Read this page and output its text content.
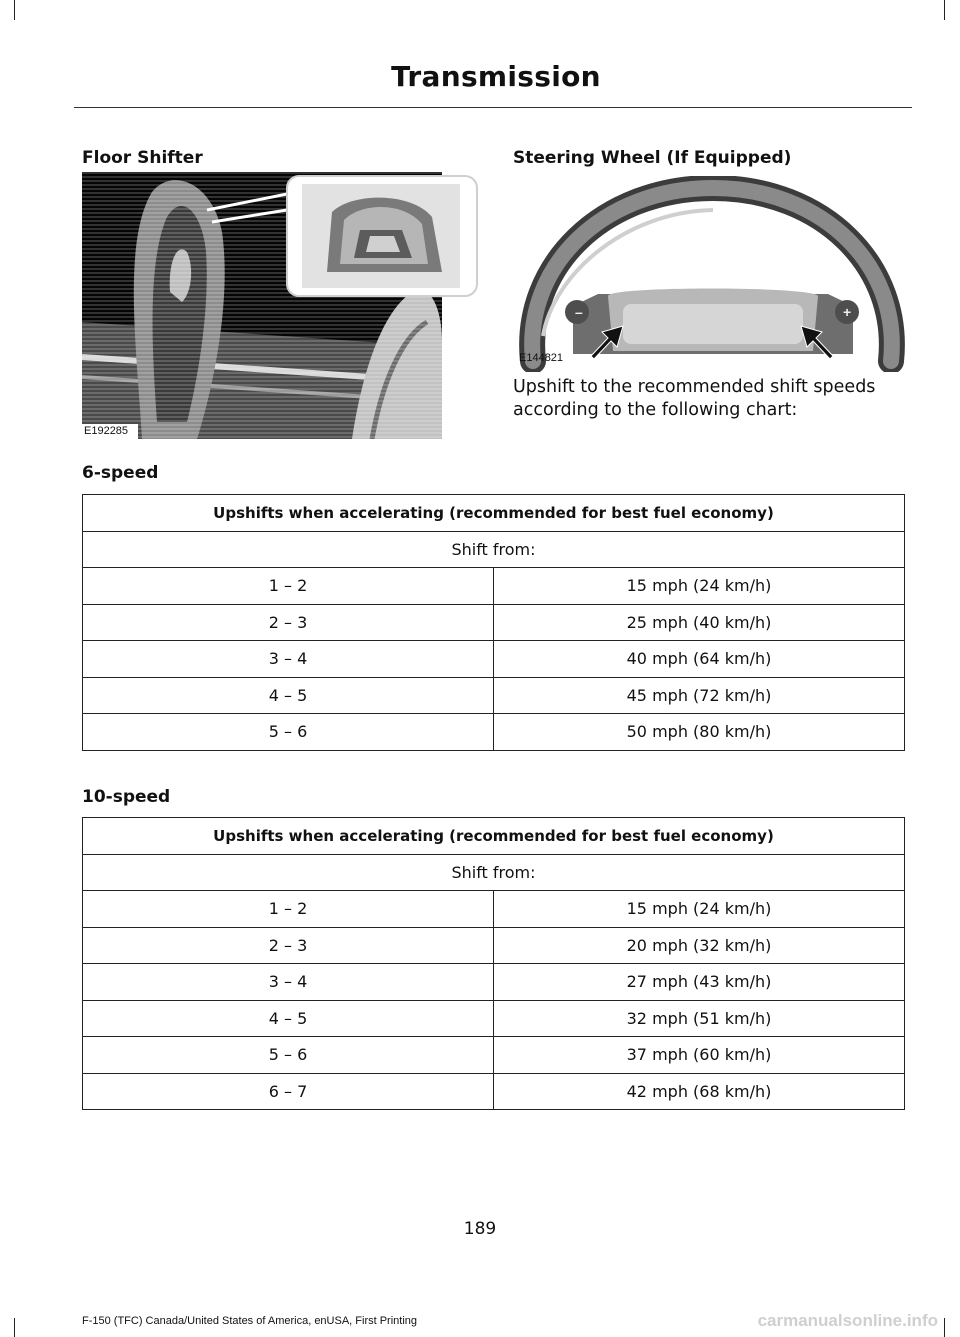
Transmission
Floor Shifter	Steering Wheel (If Equipped)
E192285
–	+
E144821
Upshift to the recommended shift speeds according to the following chart:
6-speed
Upshifts when accelerating (recommended for best fuel economy)	
Shift from:	
1 – 2	15 mph (24 km/h)
2 – 3	25 mph (40 km/h)
3 – 4	40 mph (64 km/h)
4 – 5	45 mph (72 km/h)
5 – 6	50 mph (80 km/h)
10-speed
Upshifts when accelerating (recommended for best fuel economy)	
Shift from:	
1 – 2	15 mph (24 km/h)
2 – 3	20 mph (32 km/h)
3 – 4	27 mph (43 km/h)
4 – 5	32 mph (51 km/h)
5 – 6	37 mph (60 km/h)
6 – 7	42 mph (68 km/h)
189
F-150 (TFC) Canada/United States of America, enUSA, First Printing	carmanualsonline.info
